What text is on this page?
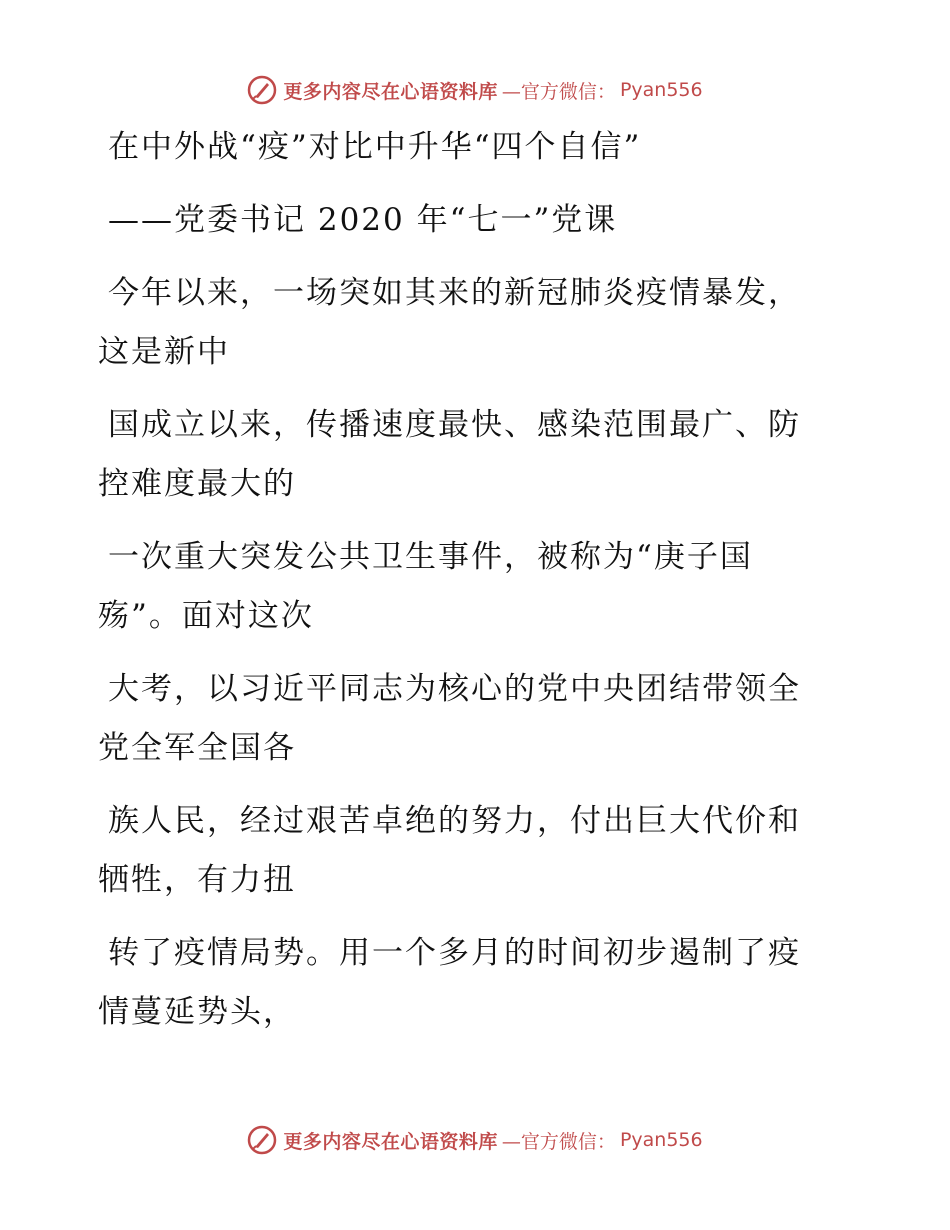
更多内容尽在心语资料库 —官方微信： Pyan556
在中外战“疫”对比中升华“四个自信”
——党委书记 2020 年“七一”党课
今年以来，一场突如其来的新冠肺炎疫情暴发，
这是新中
国成立以来，传播速度最快、感染范围最广、防
控难度最大的
一次重大突发公共卫生事件，被称为“庚子国
殇”。面对这次
大考，以习近平同志为核心的党中央团结带领全
党全军全国各
族人民，经过艰苦卓绝的努力，付出巨大代价和
牺牲，有力扭
转了疫情局势。用一个多月的时间初步遏制了疫
情蔓延势头，
更多内容尽在心语资料库 —官方微信： Pyan556
